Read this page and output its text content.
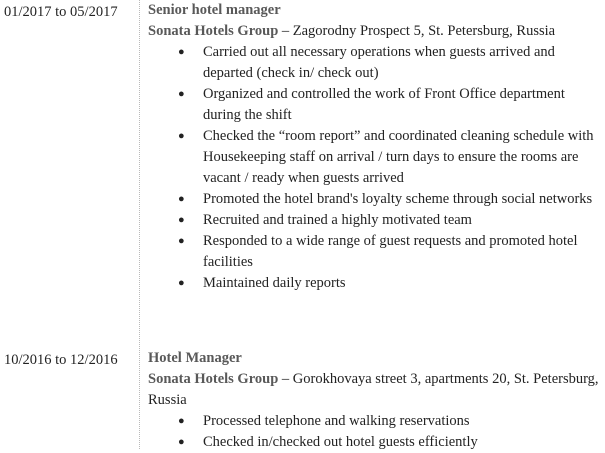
01/2017 to 05/2017 Senior hotel manager

Sonata Hotels Group – Zagorodny Prospect 5, St. Petersburg, Russia

● Carried out all necessary operations when guests arrived and departed (check in/ check out)
● Organized and controlled the work of Front Office department during the shift
● Checked the “room report” and coordinated cleaning schedule with Housekeeping staff on arrival / turn days to ensure the rooms are vacant / ready when guests arrived
● Promoted the hotel brand's loyalty scheme through social networks
● Recruited and trained a highly motivated team
● Responded to a wide range of guest requests and promoted hotel facilities
● Maintained daily reports
10/2016 to 12/2016 Hotel Manager

Sonata Hotels Group – Gorokhovaya street 3, apartments 20, St. Petersburg, Russia

● Processed telephone and walking reservations
● Checked in/checked out hotel guests efficiently
